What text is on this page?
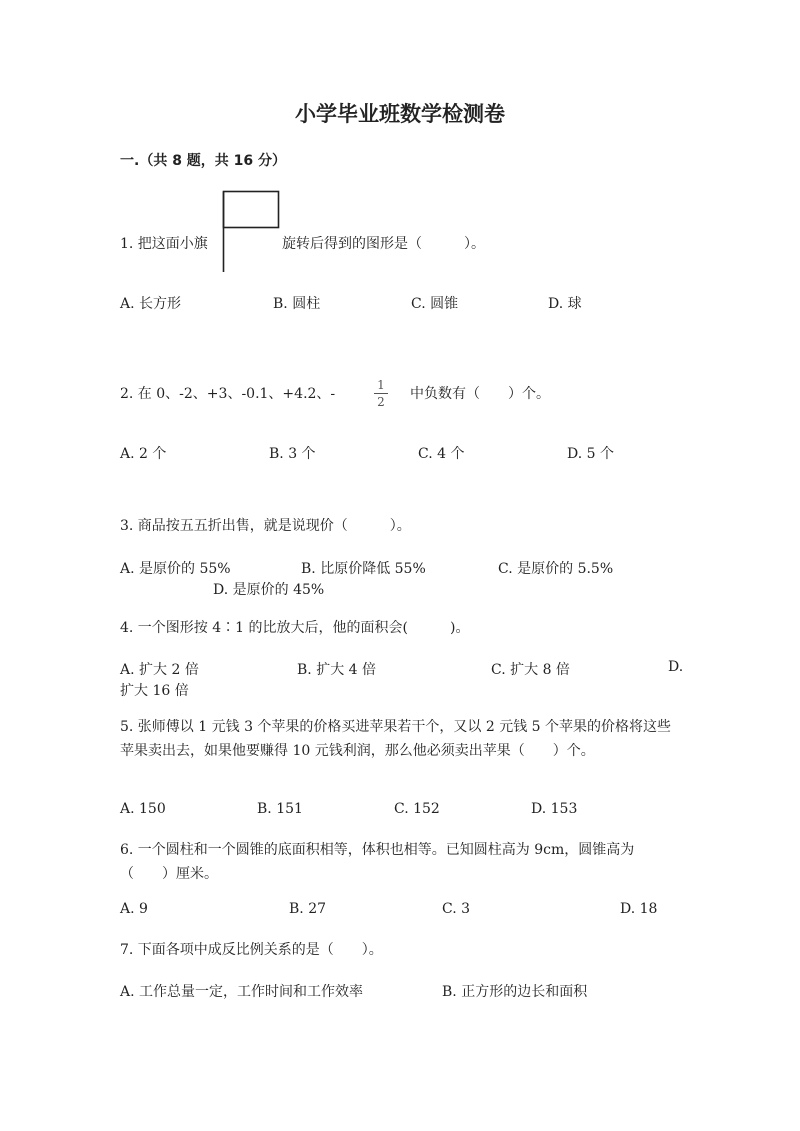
小学毕业班数学检测卷
一.（共 8 题，共 16 分）
1. 把这面小旗	旋转后得到的图形是（　　　）。
A. 长方形	B. 圆柱	C. 圆锥	D. 球
2. 在 0、-2、+3、-0.1、+4.2、-
1
2 中负数有（　　）个。
A. 2 个	B. 3 个	C. 4 个	D. 5 个
3. 商品按五五折出售，就是说现价（　　　）。
A. 是原价的 55%	B. 比原价降低 55%	C. 是原价的 5.5%
D. 是原价的 45%
4. 一个图形按 4∶1 的比放大后，他的面积会(　　　)。
A. 扩大 2 倍	B. 扩大 4 倍	C. 扩大 8 倍	D.
扩大 16 倍
5. 张师傅以 1 元钱 3 个苹果的价格买进苹果若干个，又以 2 元钱 5 个苹果的价格将这些苹果卖出去，如果他要赚得 10 元钱利润，那么他必须卖出苹果（　　）个。
A. 150	B. 151	C. 152	D. 153
6. 一个圆柱和一个圆锥的底面积相等，体积也相等。已知圆柱高为 9cm，圆锥高为（　　）厘米。
A. 9	B. 27	C. 3	D. 18
7. 下面各项中成反比例关系的是（　　）。
A. 工作总量一定，工作时间和工作效率	B. 正方形的边长和面积
